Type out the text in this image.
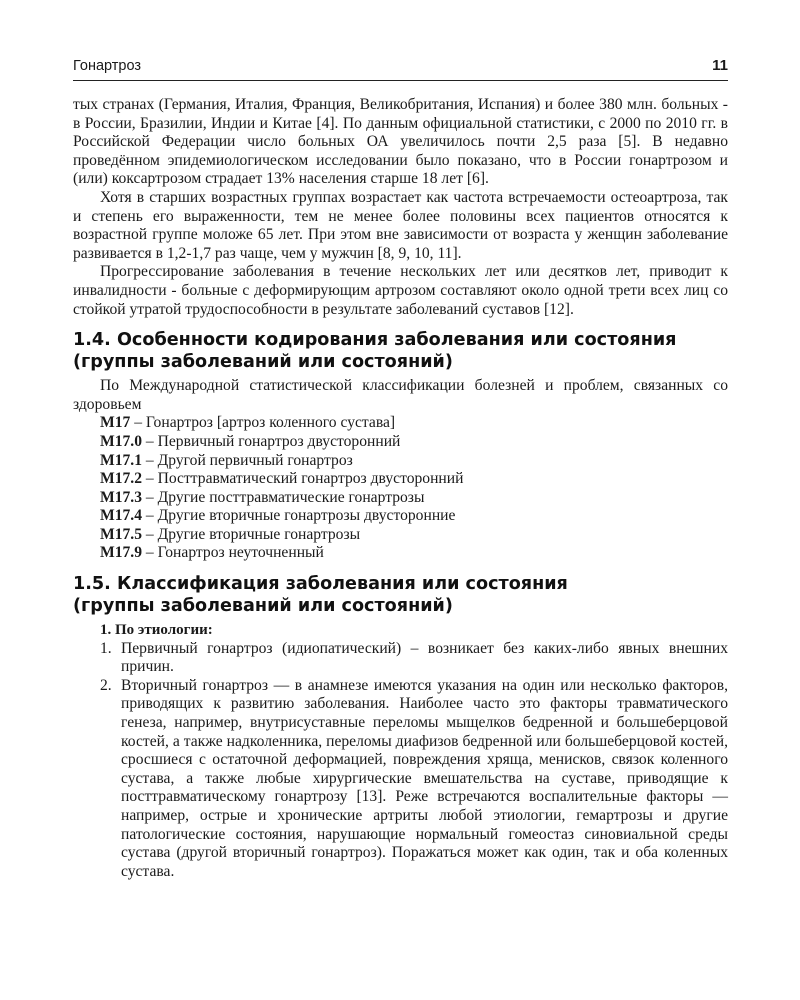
Гонартроз	11

тых странах (Германия, Италия, Франция, Великобритания, Испания) и более 380 млн. больных - в России, Бразилии, Индии и Китае [4]. По данным официальной статистики, с 2000 по 2010 гг. в Российской Федерации число больных ОА увеличилось почти 2,5 раза [5]. В недавно проведённом эпидемиологическом исследовании было показано, что в России гонартрозом и (или) коксартрозом страдает 13% населения старше 18 лет [6].

Хотя в старших возрастных группах возрастает как частота встречаемости остеоартроза, так и степень его выраженности, тем не менее более половины всех пациентов относятся к возрастной группе моложе 65 лет. При этом вне зависимости от возраста у женщин заболевание развивается в 1,2-1,7 раз чаще, чем у мужчин [8, 9, 10, 11].

Прогрессирование заболевания в течение нескольких лет или десятков лет, приводит к инвалидности - больные с деформирующим артрозом составляют около одной трети всех лиц со стойкой утратой трудоспособности в результате заболеваний суставов [12].

1.4. Особенности кодирования заболевания или состояния
(группы заболеваний или состояний)

По Международной статистической классификации болезней и проблем, связанных со здоровьем

M17 – Гонартроз [артроз коленного сустава]
M17.0 – Первичный гонартроз двусторонний
M17.1 – Другой первичный гонартроз
M17.2 – Посттравматический гонартроз двусторонний
M17.3 – Другие посттравматические гонартрозы
M17.4 – Другие вторичные гонартрозы двусторонние
M17.5 – Другие вторичные гонартрозы
M17.9 – Гонартроз неуточненный
1.5. Классификация заболевания или состояния
(группы заболеваний или состояний)

1. По этиологии:

1. Первичный гонартроз (идиопатический) – возникает без каких-либо явных внешних причин.
2. Вторичный гонартроз — в анамнезе имеются указания на один или несколько факторов, приводящих к развитию заболевания. Наиболее часто это факторы травматического генеза, например, внутрисуставные переломы мыщелков бедренной и большеберцовой костей, а также надколенника, переломы диафизов бедренной или большеберцовой костей, сросшиеся с остаточной деформацией, повреждения хряща, менисков, связок коленного сустава, а также любые хирургические вмешательства на суставе, приводящие к посттравматическому гонартрозу [13]. Реже встречаются воспалительные факторы — например, острые и хронические артриты любой этиологии, гемартрозы и другие патологические состояния, нарушающие нормальный гомеостаз синовиальной среды сустава (другой вторичный гонартроз). Поражаться может как один, так и оба коленных сустава.
